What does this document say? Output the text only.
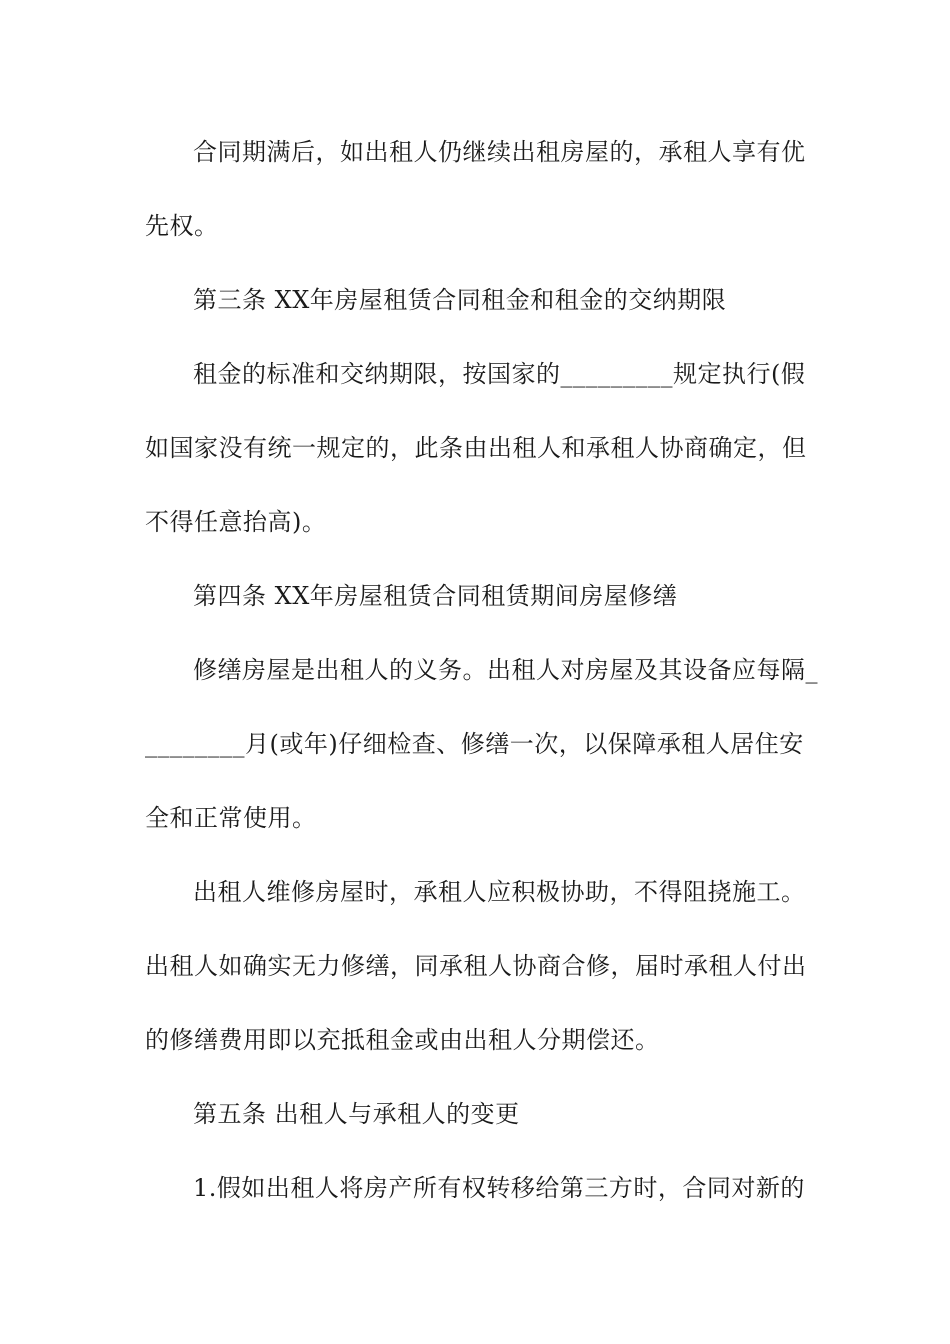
合同期满后，如出租人仍继续出租房屋的，承租人享有优
先权。
第三条 XX年房屋租赁合同租金和租金的交纳期限
租金的标准和交纳期限，按国家的_________规定执行(假
如国家没有统一规定的，此条由出租人和承租人协商确定，但
不得任意抬高)。
第四条 XX年房屋租赁合同租赁期间房屋修缮
修缮房屋是出租人的义务。出租人对房屋及其设备应每隔_
________月(或年)仔细检查、修缮一次，以保障承租人居住安
全和正常使用。
出租人维修房屋时，承租人应积极协助，不得阻挠施工。
出租人如确实无力修缮，同承租人协商合修，届时承租人付出
的修缮费用即以充抵租金或由出租人分期偿还。
第五条 出租人与承租人的变更
1.假如出租人将房产所有权转移给第三方时，合同对新的
